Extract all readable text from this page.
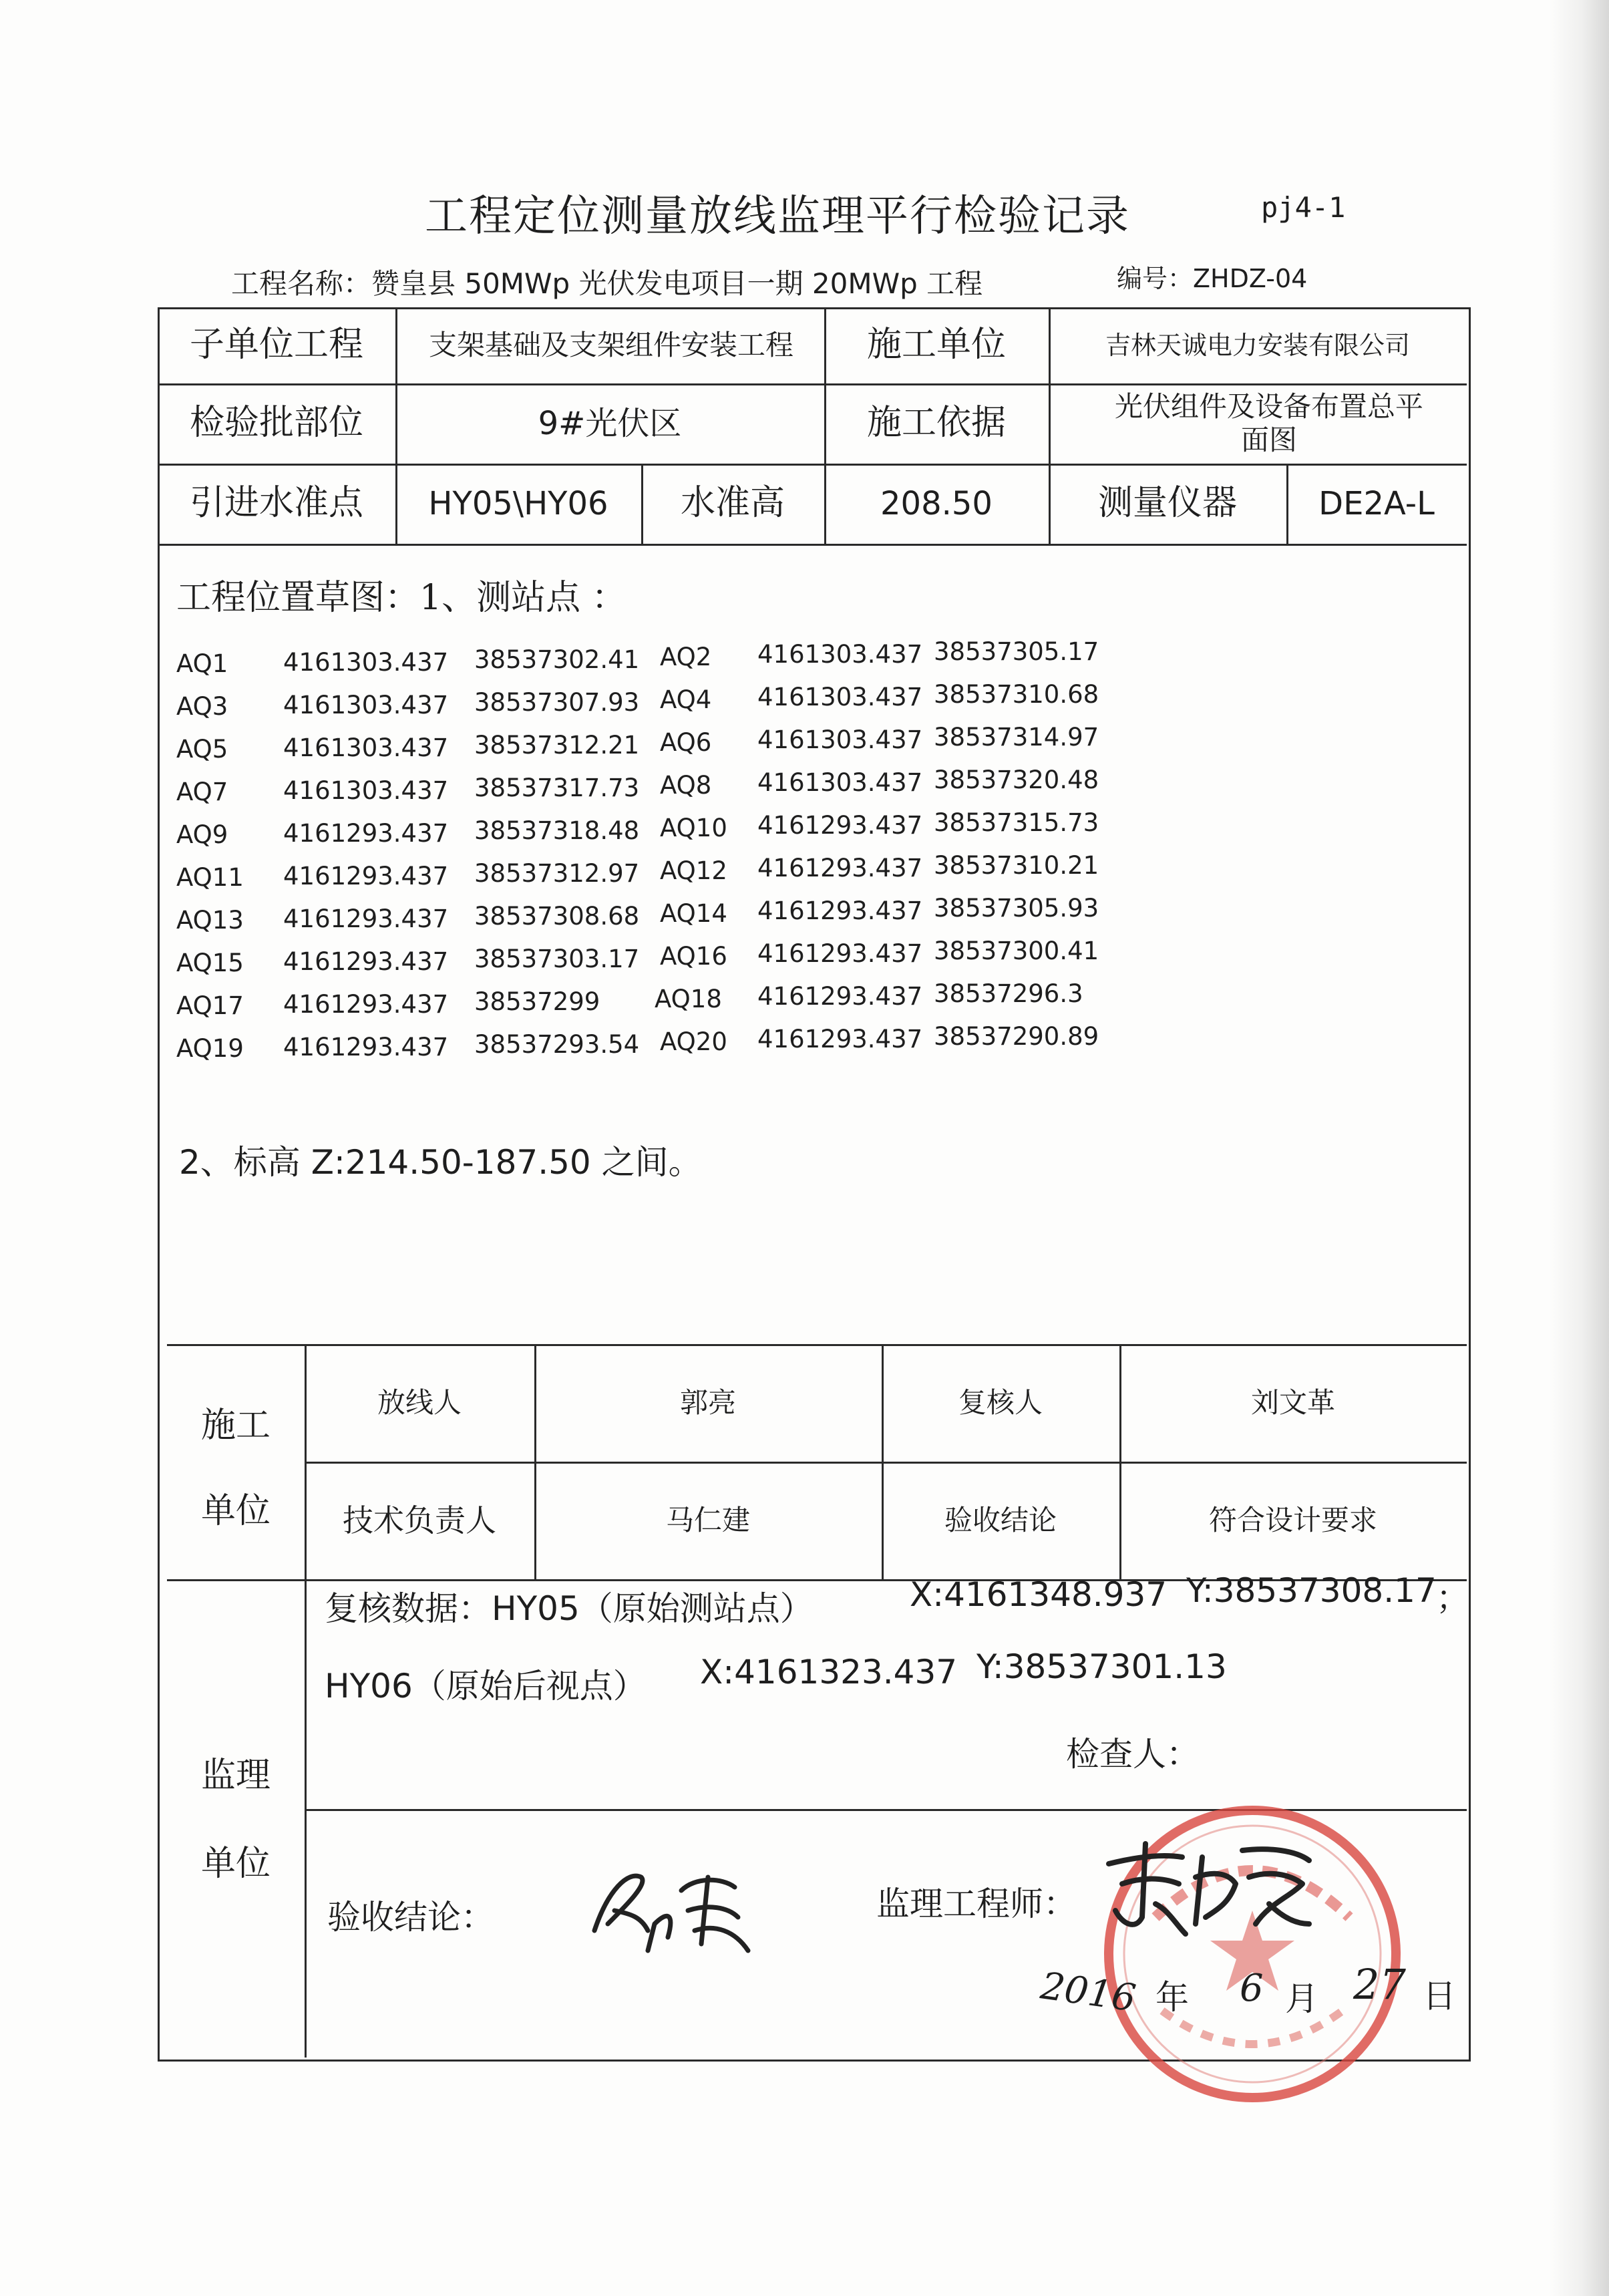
工程定位测量放线监理平行检验记录	pj4-1
工程名称：赞皇县 50MWp 光伏发电项目一期 20MWp 工程	编号：ZHDZ-04
子单位工程	支架基础及支架组件安装工程	施工单位	吉林天诚电力安装有限公司
检验批部位	9#光伏区	施工依据	光伏组件及设备布置总平面图
引进水准点	HY05\HY06	水准高	208.50	测量仪器	DE2A-L
工程位置草图：1、测站点 ：
AQ1 4161303.437 38537302.41 AQ2 4161303.437 38537305.17
AQ3 4161303.437 38537307.93 AQ4 4161303.437 38537310.68
AQ5 4161303.437 38537312.21 AQ6 4161303.437 38537314.97
AQ7 4161303.437 38537317.73 AQ8 4161303.437 38537320.48
AQ9 4161293.437 38537318.48 AQ10 4161293.437 38537315.73
AQ11 4161293.437 38537312.97 AQ12 4161293.437 38537310.21
AQ13 4161293.437 38537308.68 AQ14 4161293.437 38537305.93
AQ15 4161293.437 38537303.17 AQ16 4161293.437 38537300.41
AQ17 4161293.437 38537299 AQ18 4161293.437 38537296.3
AQ19 4161293.437 38537293.54 AQ20 4161293.437 38537290.89
2、标高 Z:214.50-187.50 之间。
施工
单位
放线人	郭亮	复核人	刘文革
技术负责人	马仁建	验收结论	符合设计要求
监理
单位
复核数据：HY05（原始测站点）	X:4161348.937 Y:38537308.17 ；
HY06（原始后视点） X:4161323.437 Y:38537301.13
检查人：
验收结论：	监理工程师：
2016 年 6 月 27 日
